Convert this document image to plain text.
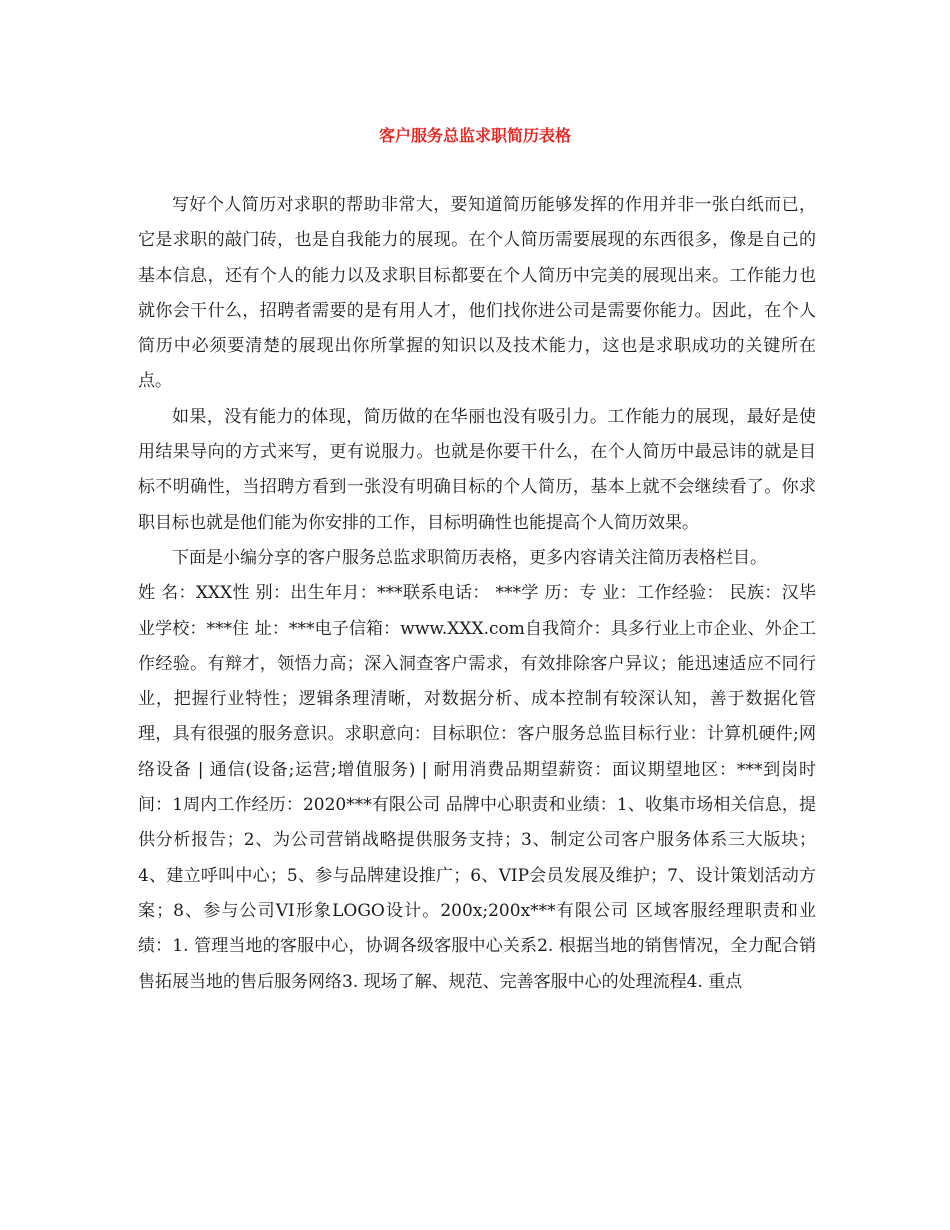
客户服务总监求职简历表格

写好个人简历对求职的帮助非常大，要知道简历能够发挥的作用并非一张白纸而已，它是求职的敲门砖，也是自我能力的展现。在个人简历需要展现的东西很多，像是自己的基本信息，还有个人的能力以及求职目标都要在个人简历中完美的展现出来。工作能力也就你会干什么，招聘者需要的是有用人才，他们找你进公司是需要你能力。因此，在个人简历中必须要清楚的展现出你所掌握的知识以及技术能力，这也是求职成功的关键所在点。

如果，没有能力的体现，简历做的在华丽也没有吸引力。工作能力的展现，最好是使用结果导向的方式来写，更有说服力。也就是你要干什么，在个人简历中最忌讳的就是目标不明确性，当招聘方看到一张没有明确目标的个人简历，基本上就不会继续看了。你求职目标也就是他们能为你安排的工作，目标明确性也能提高个人简历效果。

下面是小编分享的客户服务总监求职简历表格，更多内容请关注简历表格栏目。

姓 名：XXX性 别：出生年月：***联系电话： ***学 历：专 业：工作经验： 民族：汉毕业学校：***住 址：***电子信箱：www.XXX.com自我简介：具多行业上市企业、外企工作经验。有辩才，领悟力高；深入洞查客户需求，有效排除客户异议；能迅速适应不同行业，把握行业特性；逻辑条理清晰，对数据分析、成本控制有较深认知，善于数据化管理，具有很强的服务意识。求职意向：目标职位：客户服务总监目标行业：计算机硬件;网络设备 | 通信(设备;运营;增值服务) | 耐用消费品期望薪资：面议期望地区：***到岗时间：1周内工作经历：2020***有限公司 品牌中心职责和业绩：1、收集市场相关信息，提供分析报告；2、为公司营销战略提供服务支持；3、制定公司客户服务体系三大版块；4、建立呼叫中心；5、参与品牌建设推广；6、VIP会员发展及维护；7、设计策划活动方案；8、参与公司VI形象LOGO设计。200x;200x***有限公司 区域客服经理职责和业绩：1. 管理当地的客服中心，协调各级客服中心关系2. 根据当地的销售情况，全力配合销售拓展当地的售后服务网络3. 现场了解、规范、完善客服中心的处理流程4. 重点
